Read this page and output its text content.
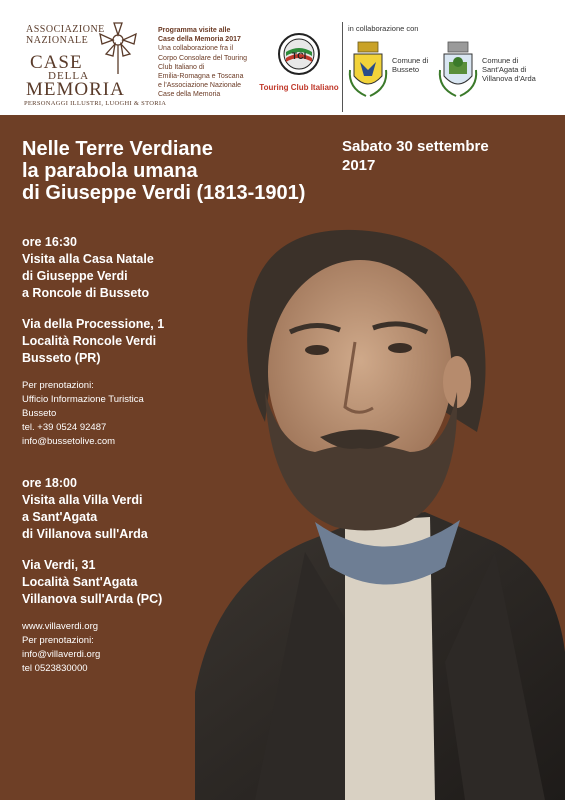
ASSOCIAZIONE
NAZIONALE
CASE
DELLA
MEMORIA
PERSONAGGI ILLUSTRI, LUOGHI & STORIA
Programma visite alle
Case della Memoria 2017
Una collaborazione fra il
Corpo Consolare del Touring
Club Italiano di
Emilia-Romagna e Toscana
e l'Associazione Nazionale
Case della Memoria
TCI
Touring Club Italiano
in collaborazione con
Comune di
Busseto
Comune di
Sant'Agata di
Villanova d'Arda
Nelle Terre Verdiane
la parabola umana
di Giuseppe Verdi (1813-1901)
Sabato 30 settembre
2017
ore 16:30
Visita alla Casa Natale
di Giuseppe Verdi
a Roncole di Busseto
Via della Processione, 1
Località Roncole Verdi
Busseto (PR)
Per prenotazioni:
Ufficio Informazione Turistica
Busseto
tel. +39 0524 92487
info@bussetolive.com
ore 18:00
Visita alla Villa Verdi
a Sant'Agata
di Villanova sull'Arda
Via Verdi, 31
Località Sant'Agata
Villanova sull'Arda (PC)
www.villaverdi.org
Per prenotazioni:
info@villaverdi.org
tel 0523830000
